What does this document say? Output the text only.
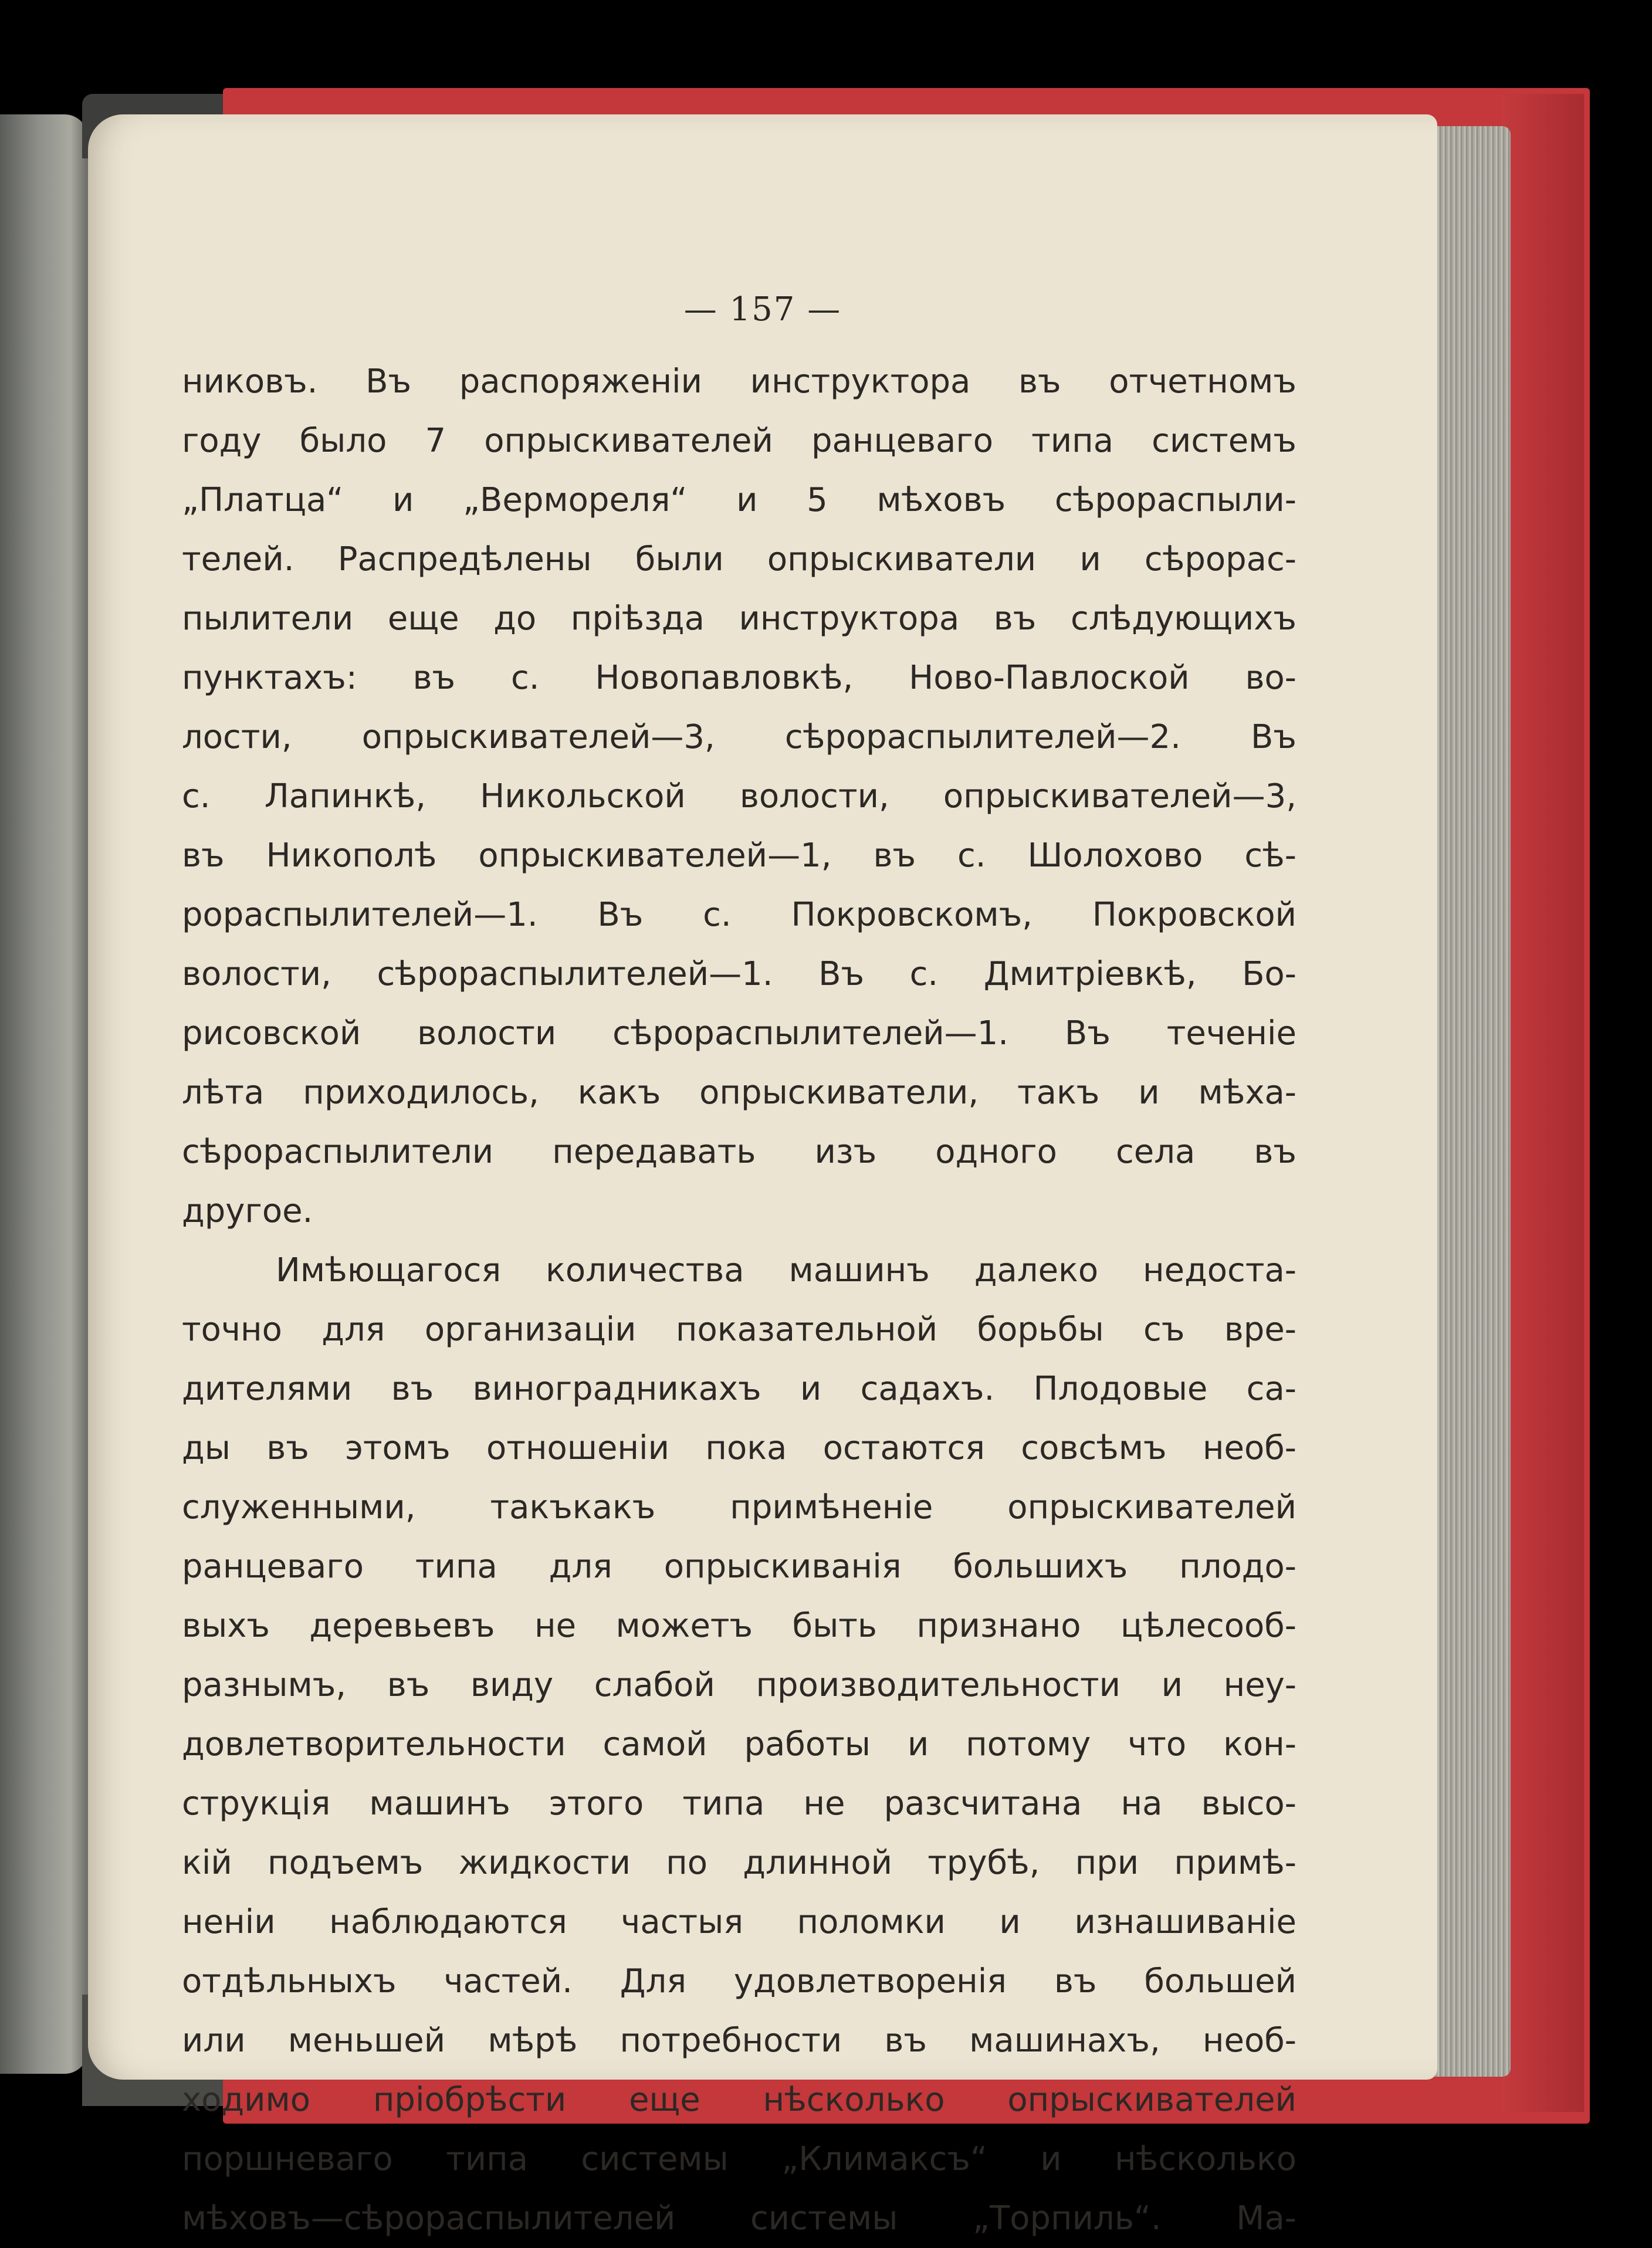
— 157 —
никовъ. Въ распоряженіи инструктора въ отчетномъ
году было 7 опрыскивателей ранцеваго типа системъ
„Платца“ и „Вермореля“ и 5 мѣховъ сѣрораспыли-
телей. Распредѣлены были опрыскиватели и сѣрорас-
пылители еще до пріѣзда инструктора въ слѣдующихъ
пунктахъ: въ с. Новопавловкѣ, Ново-Павлоской во-
лости, опрыскивателей—3, сѣрораспылителей—2. Въ
с. Лапинкѣ, Никольской волости, опрыскивателей—3,
въ Никополѣ опрыскивателей—1, въ с. Шолохово сѣ-
рораспылителей—1. Въ с. Покровскомъ, Покровской
волости, сѣрораспылителей—1. Въ с. Дмитріевкѣ, Бо-
рисовской волости сѣрораспылителей—1. Въ теченіе
лѣта приходилось, какъ опрыскиватели, такъ и мѣха-
сѣрораспылители передавать изъ одного села въ
другое.
Имѣющагося количества машинъ далеко недоста-
точно для организаціи показательной борьбы съ вре-
дителями въ виноградникахъ и садахъ. Плодовые са-
ды въ этомъ отношеніи пока остаются совсѣмъ необ-
служенными, такъкакъ примѣненіе опрыскивателей
ранцеваго типа для опрыскиванія большихъ плодо-
выхъ деревьевъ не можетъ быть признано цѣлесооб-
разнымъ, въ виду слабой производительности и неу-
довлетворительности самой работы и потому что кон-
струкція машинъ этого типа не разсчитана на высо-
кій подъемъ жидкости по длинной трубѣ, при примѣ-
неніи наблюдаются частыя поломки и изнашиваніе
отдѣльныхъ частей. Для удовлетворенія въ большей
или меньшей мѣрѣ потребности въ машинахъ, необ-
ходимо пріобрѣсти еще нѣсколько опрыскивателей
поршневаго типа системы „Климаксъ“ и нѣсколько
мѣховъ—сѣрораспылителей системы „Торпиль“. Ма-
